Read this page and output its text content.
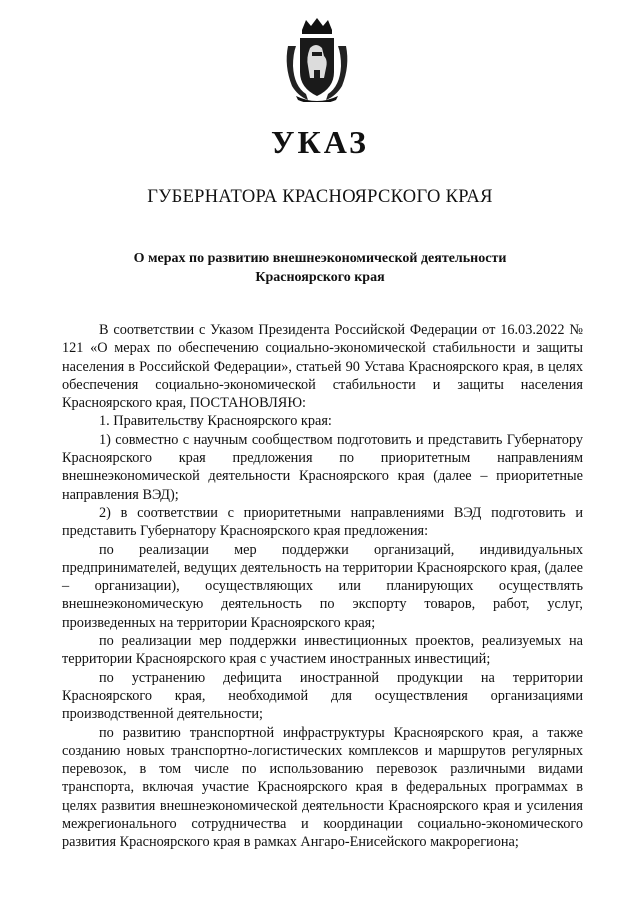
УКАЗ
ГУБЕРНАТОРА КРАСНОЯРСКОГО КРАЯ
О мерах по развитию внешнеэкономической деятельности
Красноярского края

В соответствии с Указом Президента Российской Федерации от 16.03.2022 № 121 «О мерах по обеспечению социально-экономической стабильности и защиты населения в Российской Федерации», статьей 90 Устава Красноярского края, в целях обеспечения социально-экономической стабильности и защиты населения Красноярского края, ПОСТАНОВЛЯЮ:

1. Правительству Красноярского края:

1) совместно с научным сообществом подготовить и представить Губернатору Красноярского края предложения по приоритетным направлениям внешнеэкономической деятельности Красноярского края (далее – приоритетные направления ВЭД);

2) в соответствии с приоритетными направлениями ВЭД подготовить и представить Губернатору Красноярского края предложения:

по реализации мер поддержки организаций, индивидуальных предпринимателей, ведущих деятельность на территории Красноярского края, (далее – организации), осуществляющих или планирующих осуществлять внешнеэкономическую деятельность по экспорту товаров, работ, услуг, произведенных на территории Красноярского края;

по реализации мер поддержки инвестиционных проектов, реализуемых на территории Красноярского края с участием иностранных инвестиций;

по устранению дефицита иностранной продукции на территории Красноярского края, необходимой для осуществления организациями производственной деятельности;

по развитию транспортной инфраструктуры Красноярского края, а также созданию новых транспортно-логистических комплексов и маршрутов регулярных перевозок, в том числе по использованию перевозок различными видами транспорта, включая участие Красноярского края в федеральных программах в целях развития внешнеэкономической деятельности Красноярского края и усиления межрегионального сотрудничества и координации социально-экономического развития Красноярского края в рамках Ангаро-Енисейского макрорегиона;
